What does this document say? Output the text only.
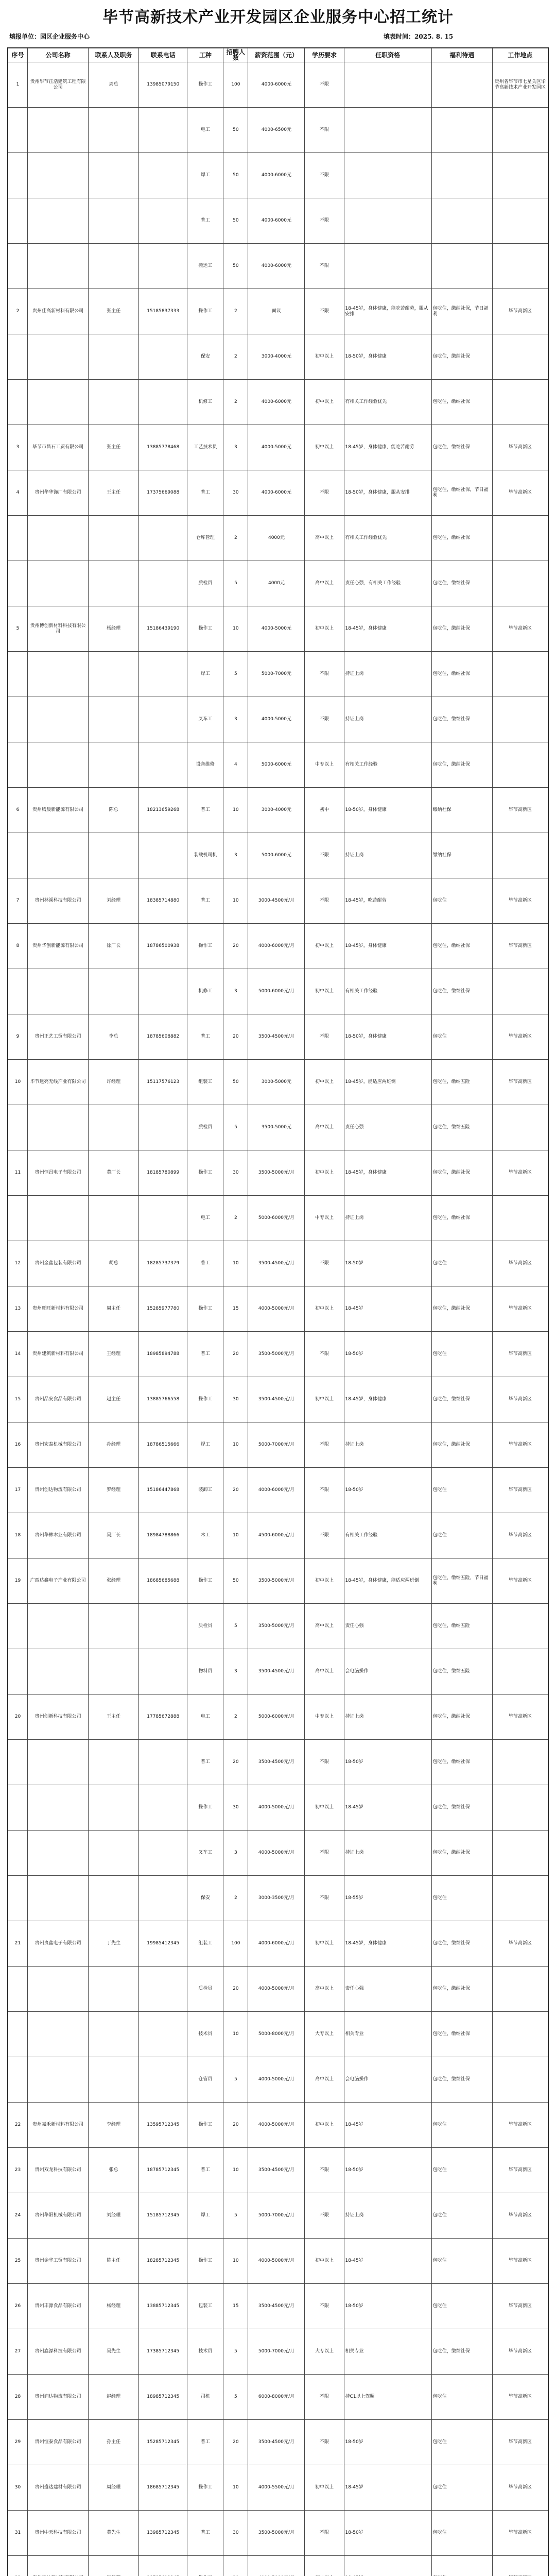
毕节高新技术产业开发园区企业服务中心招工统计
填报单位：园区企业服务中心	填表时间：2025. 8. 15
序号	公司名称	联系人及职务	联系电话	工种	招聘人数	薪资范围（元）	学历要求	任职资格	福利待遇	工作地点
1	贵州毕节正浩建筑工程有限公司	周总	13985079150	操作工	100	4000-6000元	不限			贵州省毕节市七星关区毕节高新技术产业开发园区
				电工	50	4000-6500元	不限			
				焊工	50	4000-6000元	不限			
				普工	50	4000-6000元	不限			
				搬运工	50	4000-6000元	不限			
2	贵州佳高新材料有限公司	张主任	15185837333	操作工	2	面议	不限	18-45岁，身体健康，能吃苦耐劳，服从安排	包吃住，缴纳社保，节日福利	毕节高新区
				保安	2	3000-4000元	初中以上	18-50岁，身体健康	包吃住，缴纳社保	
				机修工	2	4000-6000元	初中以上	有相关工作经验优先	包吃住，缴纳社保	
3	毕节市昌石工贸有限公司	张主任	13885778468	工艺技术员	3	4000-5000元	初中以上	18-45岁，身体健康，能吃苦耐劳	包吃住，缴纳社保	毕节高新区
4	贵州华华饰厂有限公司	王主任	17375669088	普工	30	4000-6000元	不限	18-50岁，身体健康，服从安排	包吃住，缴纳社保，节日福利	毕节高新区
				仓库管理	2	4000元	高中以上	有相关工作经验优先	包吃住，缴纳社保	
				质检员	5	4000元	高中以上	责任心强，有相关工作经验	包吃住，缴纳社保	
5	贵州博创新材料科技有限公司	杨经理	15186439190	操作工	10	4000-5000元	初中以上	18-45岁，身体健康	包吃住，缴纳社保	毕节高新区
				焊工	5	5000-7000元	不限	持证上岗	包吃住，缴纳社保	
				叉车工	3	4000-5000元	不限	持证上岗	包吃住，缴纳社保	
				设备维修	4	5000-6000元	中专以上	有相关工作经验	包吃住，缴纳社保	
6	贵州腾晨新能源有限公司	陈总	18213659268	普工	10	3000-4000元	初中	18-50岁，身体健康	缴纳社保	毕节高新区
				装载机司机	3	5000-6000元	不限	持证上岗	缴纳社保	
7	贵州林溪科技有限公司	刘经理	18385714880	普工	10	3000-4500元/月	不限	18-45岁，吃苦耐劳	包吃住	毕节高新区
8	贵州华创新能源有限公司	徐厂长	18786500938	操作工	20	4000-6000元/月	初中以上	18-45岁，身体健康	包吃住，缴纳社保	毕节高新区
				机修工	3	5000-6000元/月	初中以上	有相关工作经验	包吃住，缴纳社保	
9	贵州正艺工贸有限公司	李总	18785608882	普工	20	3500-4500元/月	不限	18-50岁，身体健康	包吃住	毕节高新区
10	毕节远亮无线产业有限公司	许经理	15117576123	组装工	50	3000-5000元	初中以上	18-45岁，能适应两班倒	包吃住，缴纳五险	毕节高新区
				质检员	5	3500-5000元	高中以上	责任心强	包吃住，缴纳五险	
11	贵州恒昌电子有限公司	黄厂长	18185780899	操作工	30	3500-5000元/月	初中以上	18-45岁，身体健康	包吃住，缴纳社保	毕节高新区
				电工	2	5000-6000元/月	中专以上	持证上岗	包吃住，缴纳社保	
12	贵州金鑫包装有限公司	胡总	18285737379	普工	10	3500-4500元/月	不限	18-50岁	包吃住	毕节高新区
13	贵州旺旺新材料有限公司	周主任	15285977780	操作工	15	4000-5000元/月	初中以上	18-45岁	包吃住，缴纳社保	毕节高新区
14	贵州建筑新材料有限公司	王经理	18985894788	普工	20	3500-5000元/月	不限	18-50岁	包吃住	毕节高新区
15	贵州品安食品有限公司	赵主任	13885766558	操作工	30	3500-4500元/月	初中以上	18-45岁，身体健康	包吃住，缴纳社保	毕节高新区
16	贵州宏泰机械有限公司	孙经理	18786515666	焊工	10	5000-7000元/月	不限	持证上岗	包吃住，缴纳社保	毕节高新区
17	贵州创达物流有限公司	罗经理	15186447868	装卸工	20	4000-6000元/月	不限	18-50岁	包吃住	毕节高新区
18	贵州华林木业有限公司	吴厂长	18984788866	木工	10	4500-6000元/月	不限	有相关工作经验	包吃住	毕节高新区
19	广西达鑫电子产业有限公司	张经理	18685685688	操作工	50	3500-5000元/月	初中以上	18-45岁，身体健康，能适应两班倒	包吃住，缴纳五险，节日福利	毕节高新区
				质检员	5	3500-5000元/月	高中以上	责任心强	包吃住，缴纳五险	
				物料员	3	3500-4500元/月	高中以上	会电脑操作	包吃住，缴纳五险	
20	贵州创新科技有限公司	王主任	17785672888	电工	2	5000-6000元/月	中专以上	持证上岗	包吃住，缴纳社保	毕节高新区
				普工	20	3500-4500元/月	不限	18-50岁	包吃住，缴纳社保	
				操作工	30	4000-5000元/月	初中以上	18-45岁	包吃住，缴纳社保	
				叉车工	3	4000-5000元/月	不限	持证上岗	包吃住，缴纳社保	
				保安	2	3000-3500元/月	不限	18-55岁	包吃住	
21	贵州贵鑫电子有限公司	丁先生	19985412345	组装工	100	4000-6000元/月	初中以上	18-45岁，身体健康	包吃住，缴纳社保	毕节高新区
				质检员	20	4000-5000元/月	高中以上	责任心强	包吃住，缴纳社保	
				技术员	10	5000-8000元/月	大专以上	相关专业	包吃住，缴纳社保	
				仓管员	5	4000-5000元/月	高中以上	会电脑操作	包吃住，缴纳社保	
22	贵州嘉禾新材料有限公司	李经理	13595712345	操作工	20	4000-5000元/月	初中以上	18-45岁	包吃住	毕节高新区
23	贵州双龙科技有限公司	张总	18785712345	普工	10	3500-4500元/月	不限	18-50岁	包吃住	毕节高新区
24	贵州华阳机械有限公司	刘经理	15185712345	焊工	5	5000-7000元/月	不限	持证上岗	包吃住	毕节高新区
25	贵州金华工贸有限公司	陈主任	18285712345	操作工	10	4000-5000元/月	初中以上	18-45岁	包吃住	毕节高新区
26	贵州丰源食品有限公司	杨经理	13885712345	包装工	15	3500-4500元/月	不限	18-50岁	包吃住	毕节高新区
27	贵州鑫源科技有限公司	吴先生	17385712345	技术员	5	5000-7000元/月	大专以上	相关专业	包吃住，缴纳社保	毕节高新区
28	贵州润达物流有限公司	赵经理	18985712345	司机	5	6000-8000元/月	不限	持C1以上驾照	包吃住	毕节高新区
29	贵州恒泰食品有限公司	孙主任	15285712345	普工	20	3500-4500元/月	不限	18-50岁	包吃住	毕节高新区
30	贵州盛达建材有限公司	周经理	18685712345	操作工	10	4000-5500元/月	初中以上	18-45岁	包吃住	毕节高新区
31	贵州中天科技有限公司	黄先生	13985712345	普工	30	3500-5000元/月	不限	18-50岁	包吃住	毕节高新区
